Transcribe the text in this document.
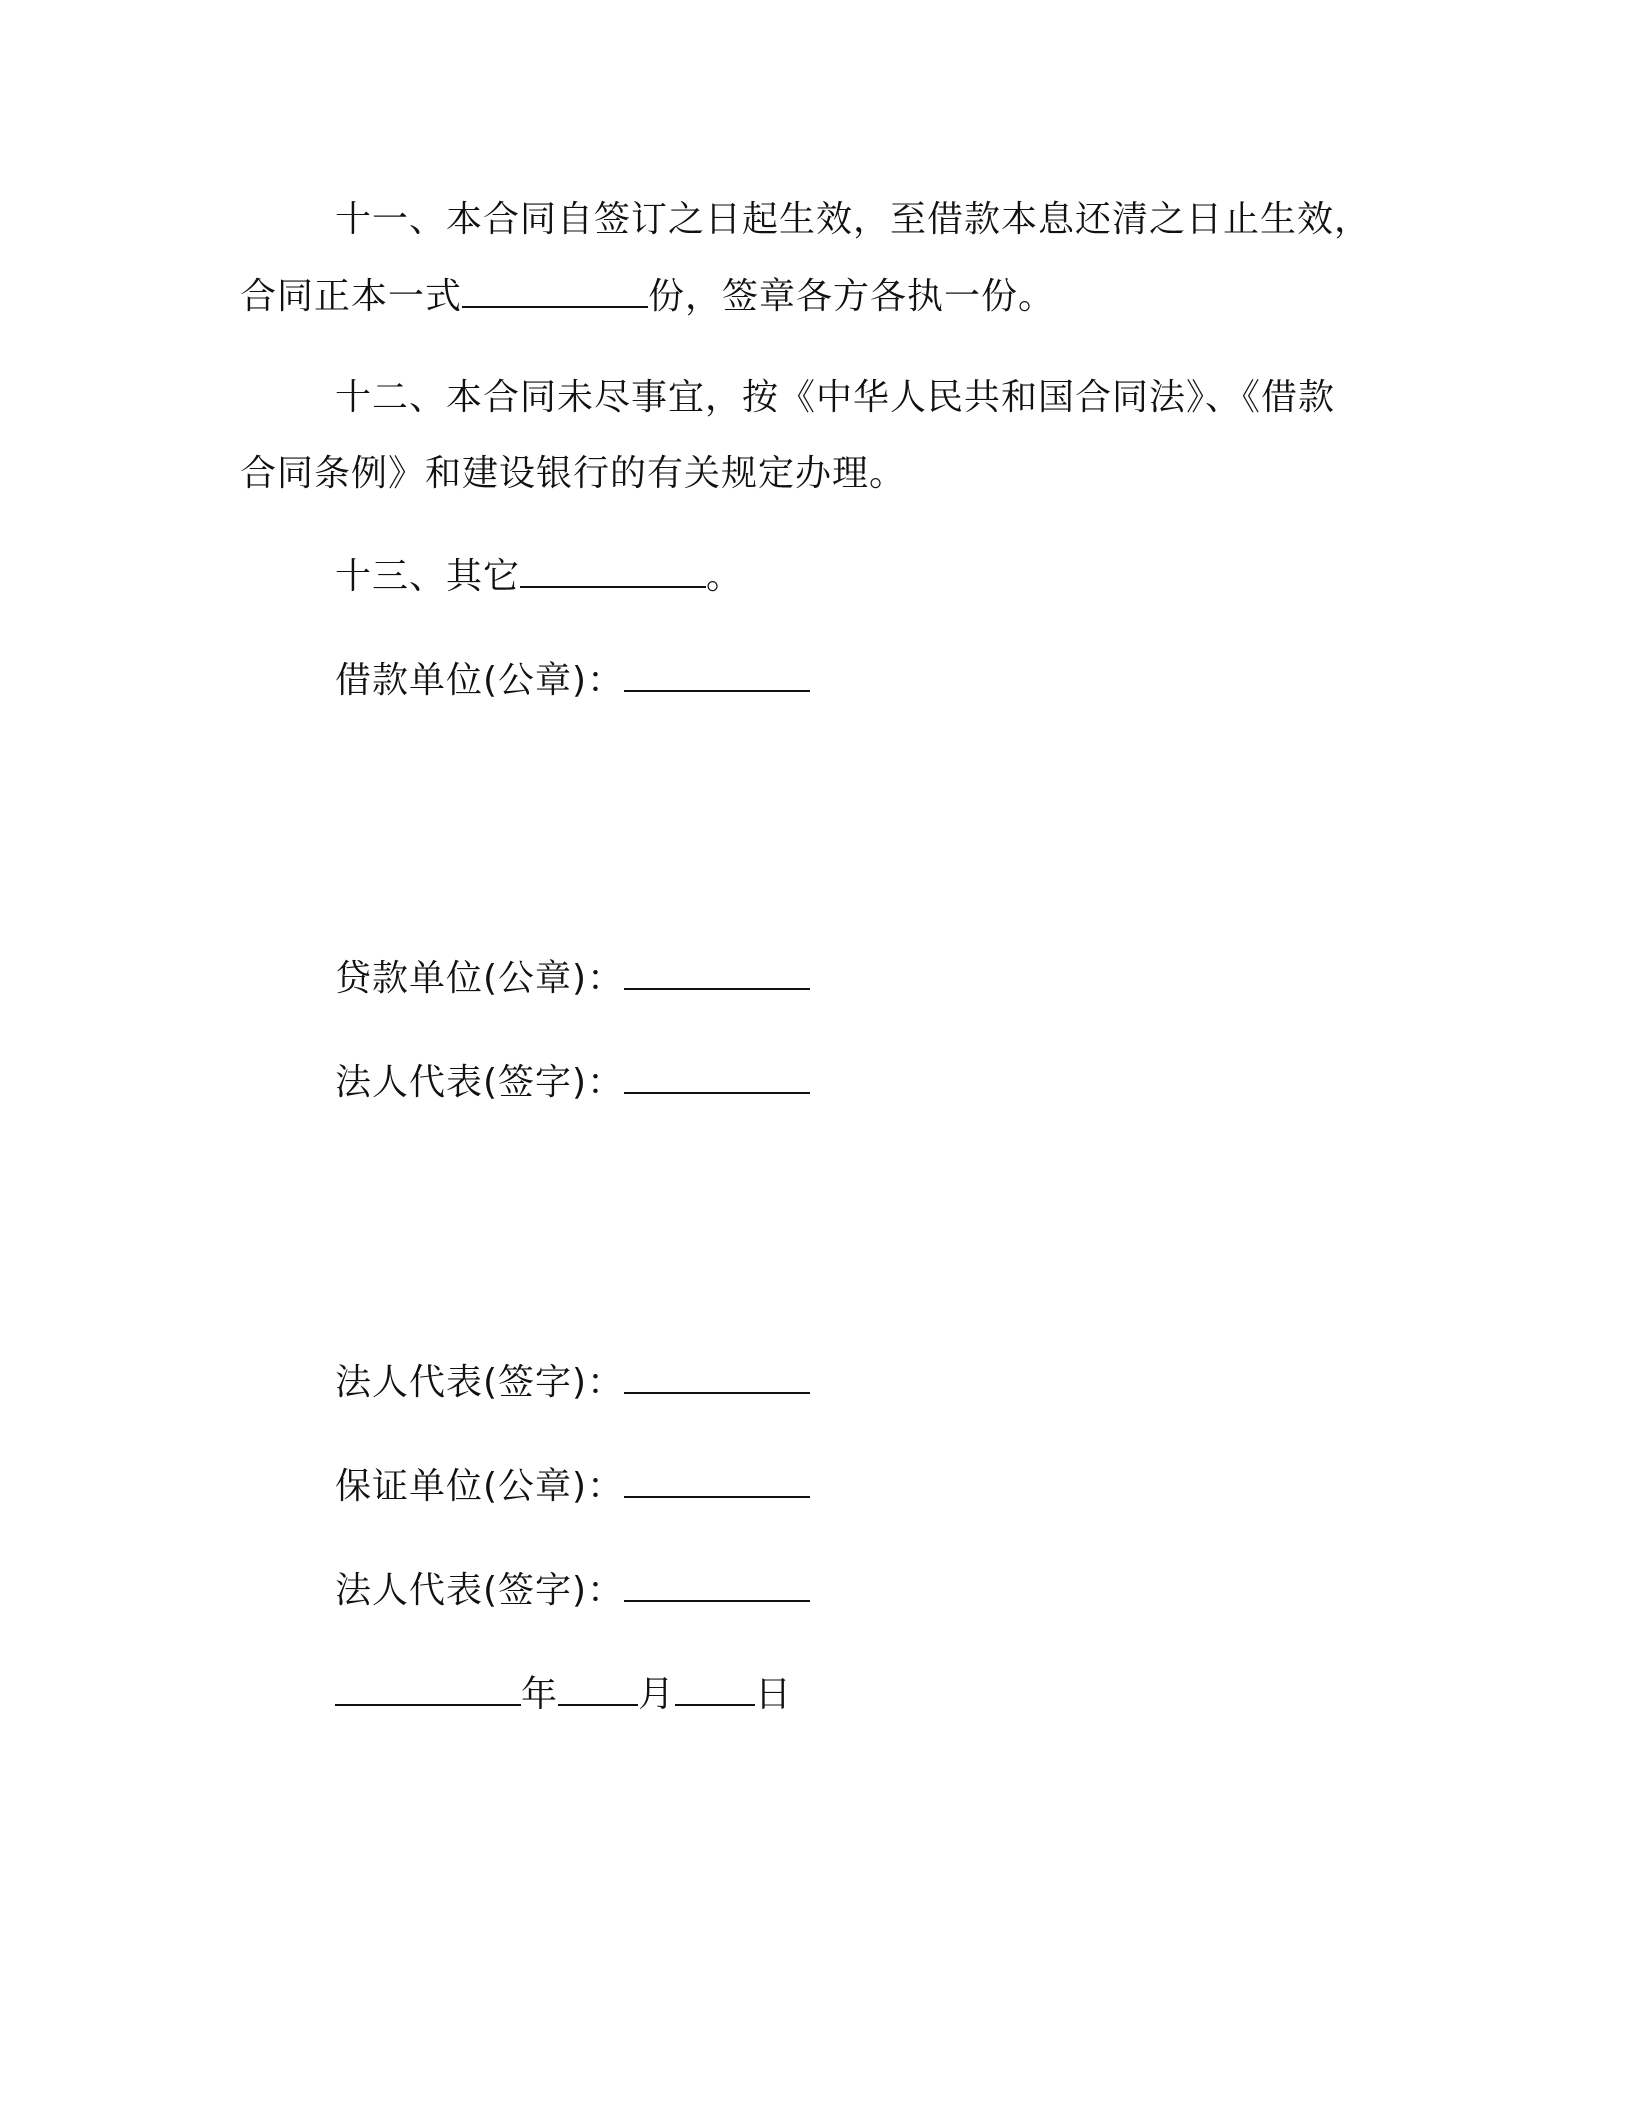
十一、本合同自签订之日起生效，至借款本息还清之日止生效，
合同正本一式	份，签章各方各执一份。
十二、本合同未尽事宜，按《中华人民共和国合同法》、《借款
合同条例》和建设银行的有关规定办理。
十三、其它	。
借款单位(公章)：
贷款单位(公章)：
法人代表(签字)：
法人代表(签字)：
保证单位(公章)：
法人代表(签字)：
年 月 日
